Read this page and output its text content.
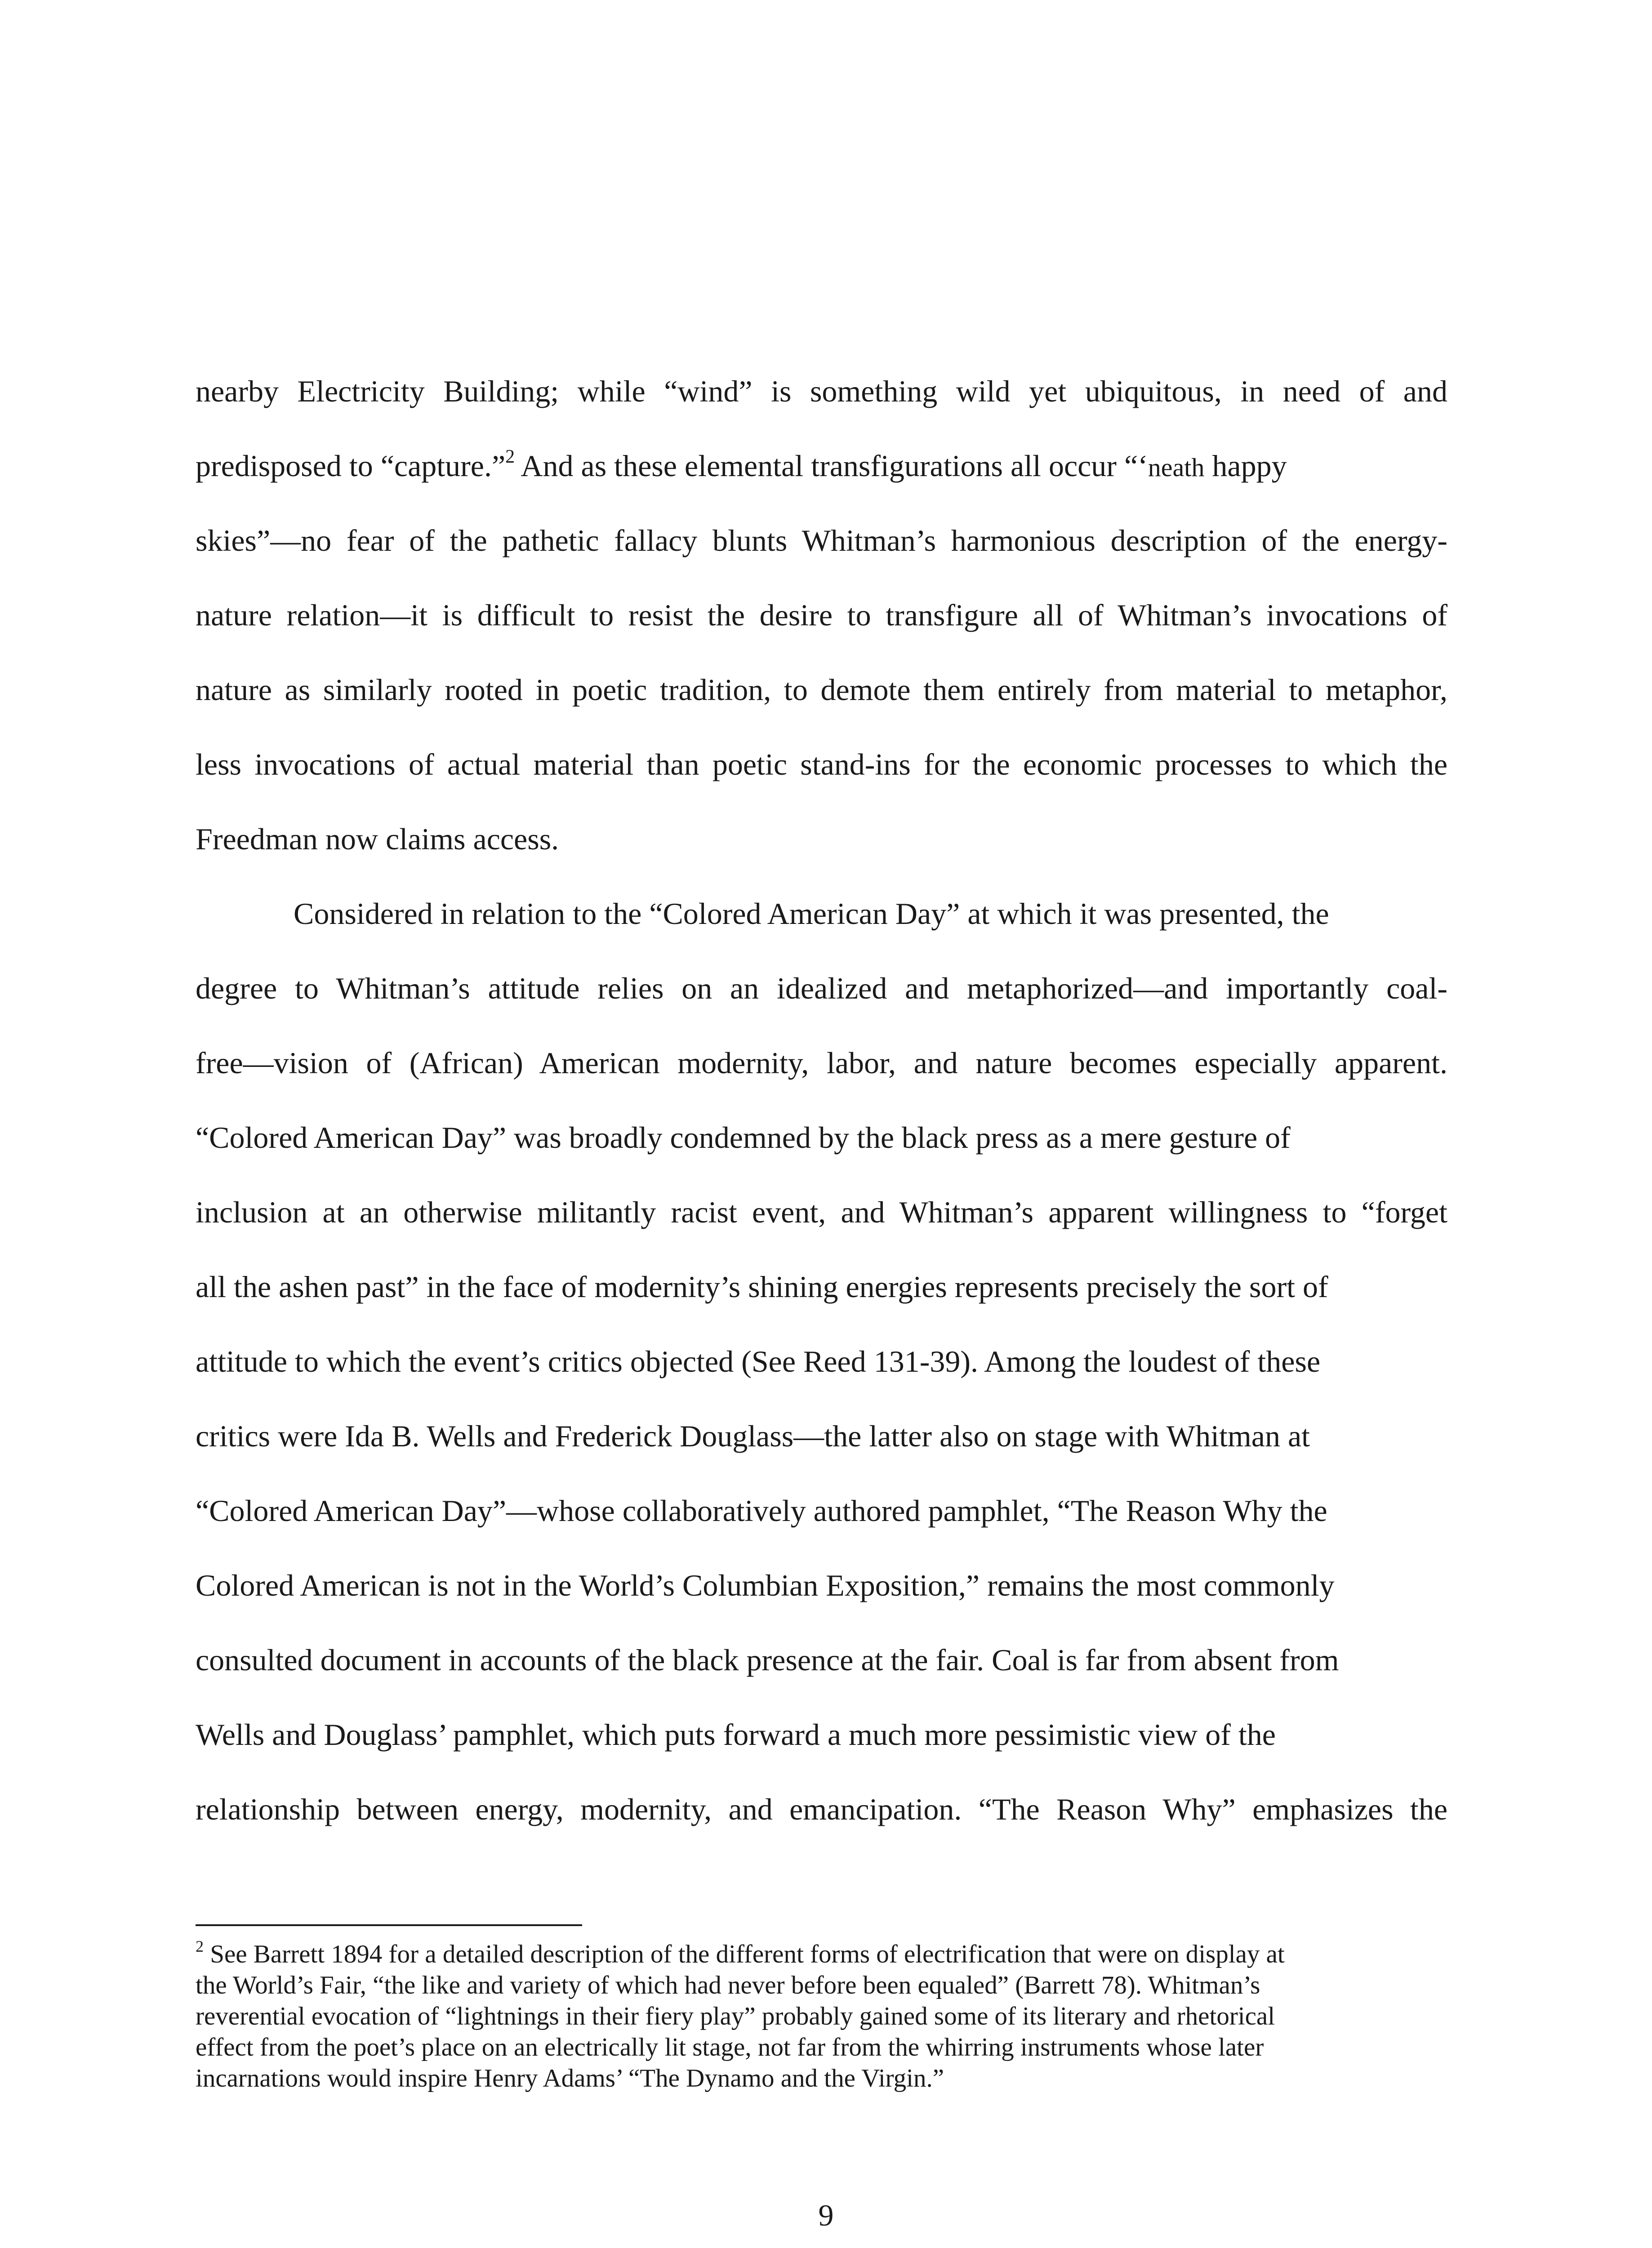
nearby Electricity Building; while “wind” is something wild yet ubiquitous, in need of and
predisposed to “capture.”$^2$ And as these elemental transfigurations all occur “‘neath happy
skies”—no fear of the pathetic fallacy blunts Whitman’s harmonious description of the energy-
nature relation—it is difficult to resist the desire to transfigure all of Whitman’s invocations of
nature as similarly rooted in poetic tradition, to demote them entirely from material to metaphor,
less invocations of actual material than poetic stand-ins for the economic processes to which the
Freedman now claims access.
Considered in relation to the “Colored American Day” at which it was presented, the
degree to Whitman’s attitude relies on an idealized and metaphorized—and importantly coal-
free—vision of (African) American modernity, labor, and nature becomes especially apparent.
“Colored American Day” was broadly condemned by the black press as a mere gesture of
inclusion at an otherwise militantly racist event, and Whitman’s apparent willingness to “forget
all the ashen past” in the face of modernity’s shining energies represents precisely the sort of
attitude to which the event’s critics objected (See Reed 131-39). Among the loudest of these
critics were Ida B. Wells and Frederick Douglass—the latter also on stage with Whitman at
“Colored American Day”—whose collaboratively authored pamphlet, “The Reason Why the
Colored American is not in the World’s Columbian Exposition,” remains the most commonly
consulted document in accounts of the black presence at the fair. Coal is far from absent from
Wells and Douglass’ pamphlet, which puts forward a much more pessimistic view of the
relationship between energy, modernity, and emancipation. “The Reason Why” emphasizes the
$^2$ See Barrett 1894 for a detailed description of the different forms of electrification that were on display at
the World’s Fair, “the like and variety of which had never before been equaled” (Barrett 78). Whitman’s
reverential evocation of “lightnings in their fiery play” probably gained some of its literary and rhetorical
effect from the poet’s place on an electrically lit stage, not far from the whirring instruments whose later
incarnations would inspire Henry Adams’ “The Dynamo and the Virgin.”
9
